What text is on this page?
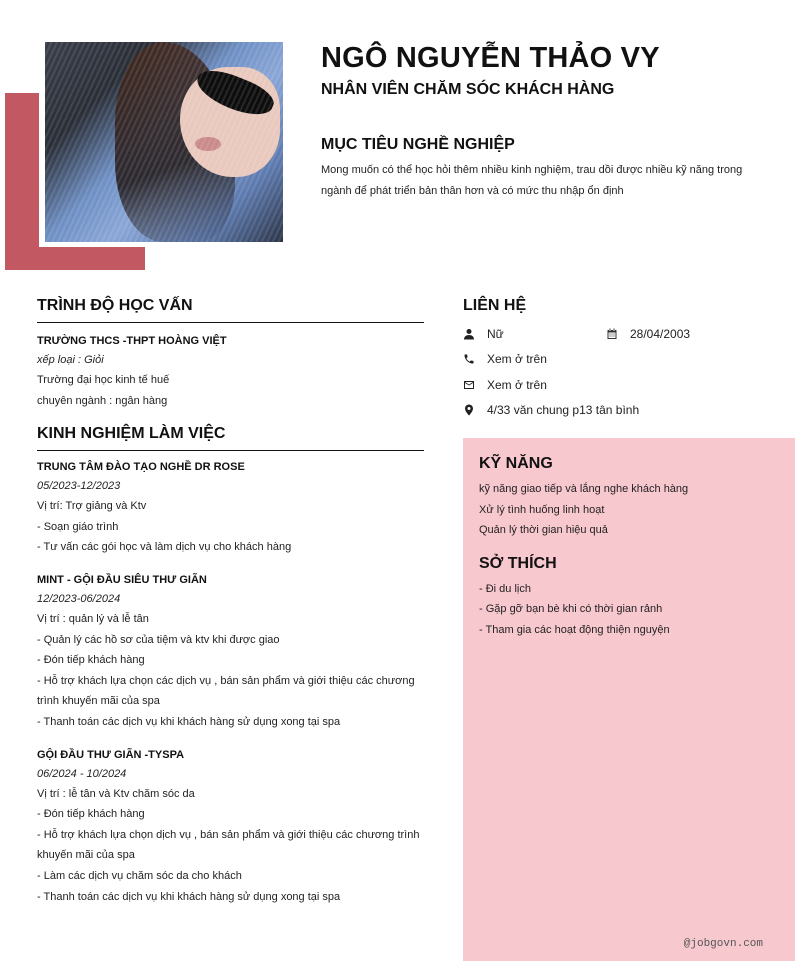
NGÔ NGUYỄN THẢO VY
NHÂN VIÊN CHĂM SÓC KHÁCH HÀNG
MỤC TIÊU NGHỀ NGHIỆP
Mong muốn có thể học hỏi thêm nhiều kinh nghiệm, trau dồi được nhiều kỹ năng trong ngành để phát triển bản thân hơn và có mức thu nhập ổn định
TRÌNH ĐỘ HỌC VẤN
TRƯỜNG THCS -THPT HOÀNG VIỆT
xếp loại : Giỏi
Trường đại học kinh tế huế
chuyên ngành : ngân hàng
KINH NGHIỆM LÀM VIỆC
TRUNG TÂM ĐÀO TẠO NGHỀ DR ROSE
05/2023-12/2023
Vị trí: Trợ giảng và Ktv
- Soạn giáo trình
- Tư vấn các gói học và làm dịch vụ cho khách hàng
MINT - GỘI ĐẦU SIÊU THƯ GIÃN
12/2023-06/2024
Vị trí : quản lý và lễ tân
- Quản lý các hồ sơ của tiệm và ktv khi được giao
- Đón tiếp khách hàng
- Hỗ trợ khách lựa chọn các dịch vụ , bán sản phẩm và giới thiệu các chương trình khuyến mãi của spa
- Thanh toán các dịch vụ khi khách hàng sử dụng xong tại spa
GỘI ĐẦU THƯ GIÃN -TYSPA
06/2024 - 10/2024
Vị trí : lễ tân và Ktv chăm sóc da
- Đón tiếp khách hàng
- Hỗ trợ khách lựa chọn dịch vụ , bán sản phẩm và giới thiệu các chương trình khuyến mãi của spa
- Làm các dịch vụ chăm sóc da cho khách
- Thanh toán các dịch vụ khi khách hàng sử dụng xong tại spa
LIÊN HỆ
Nữ	28/04/2003
Xem ở trên
Xem ở trên
4/33 văn chung p13 tân bình
KỸ NĂNG
kỹ năng giao tiếp và lắng nghe khách hàng
Xử lý tình huống linh hoạt
Quản lý thời gian hiệu quả
SỞ THÍCH
- Đi du lịch
- Gặp gỡ bạn bè khi có thời gian rảnh
- Tham gia các hoạt động thiện nguyện
@jobgovn.com
